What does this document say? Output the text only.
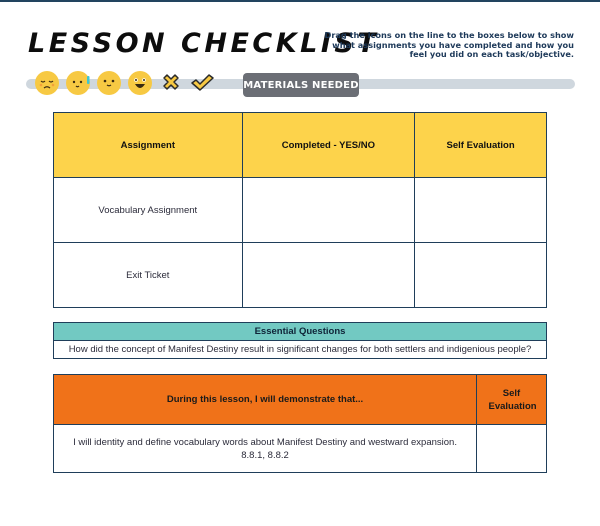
LESSON CHECKLIST
Drag the icons on the line to the boxes below to show what assignments you have completed and how you feel you did on each task/objective.
MATERIALS NEEDED
Assignment	Completed - YES/NO	Self Evaluation
Vocabulary Assignment		
Exit Ticket		
Essential Questions
How did the concept of Manifest Destiny result in significant changes for both settlers and indigenious people?
During this lesson, I will demonstrate that...	Self Evaluation
I will identity and define vocabulary words about Manifest Destiny and westward expansion. 8.8.1, 8.8.2	
